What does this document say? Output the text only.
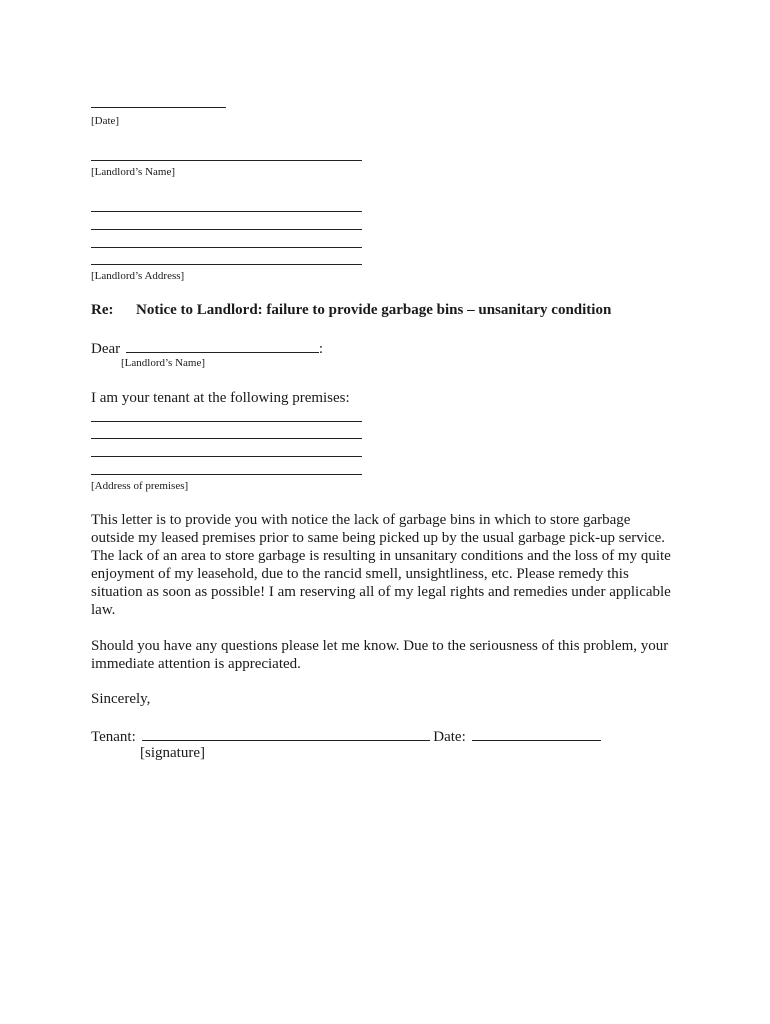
[Date]
[Landlord’s Name]
[Landlord’s Address]
Re: Notice to Landlord: failure to provide garbage bins – unsanitary condition
Dear	:
[Landlord’s Name]
I am your tenant at the following premises:
[Address of premises]
This letter is to provide you with notice the lack of garbage bins in which to store garbage
outside my leased premises prior to same being picked up by the usual garbage pick-up service.
The lack of an area to store garbage is resulting in unsanitary conditions and the loss of my quite
enjoyment of my leasehold, due to the rancid smell, unsightliness, etc. Please remedy this
situation as soon as possible! I am reserving all of my legal rights and remedies under applicable
law.
Should you have any questions please let me know. Due to the seriousness of this problem, your
immediate attention is appreciated.
Sincerely,
Tenant:	Date:
[signature]
